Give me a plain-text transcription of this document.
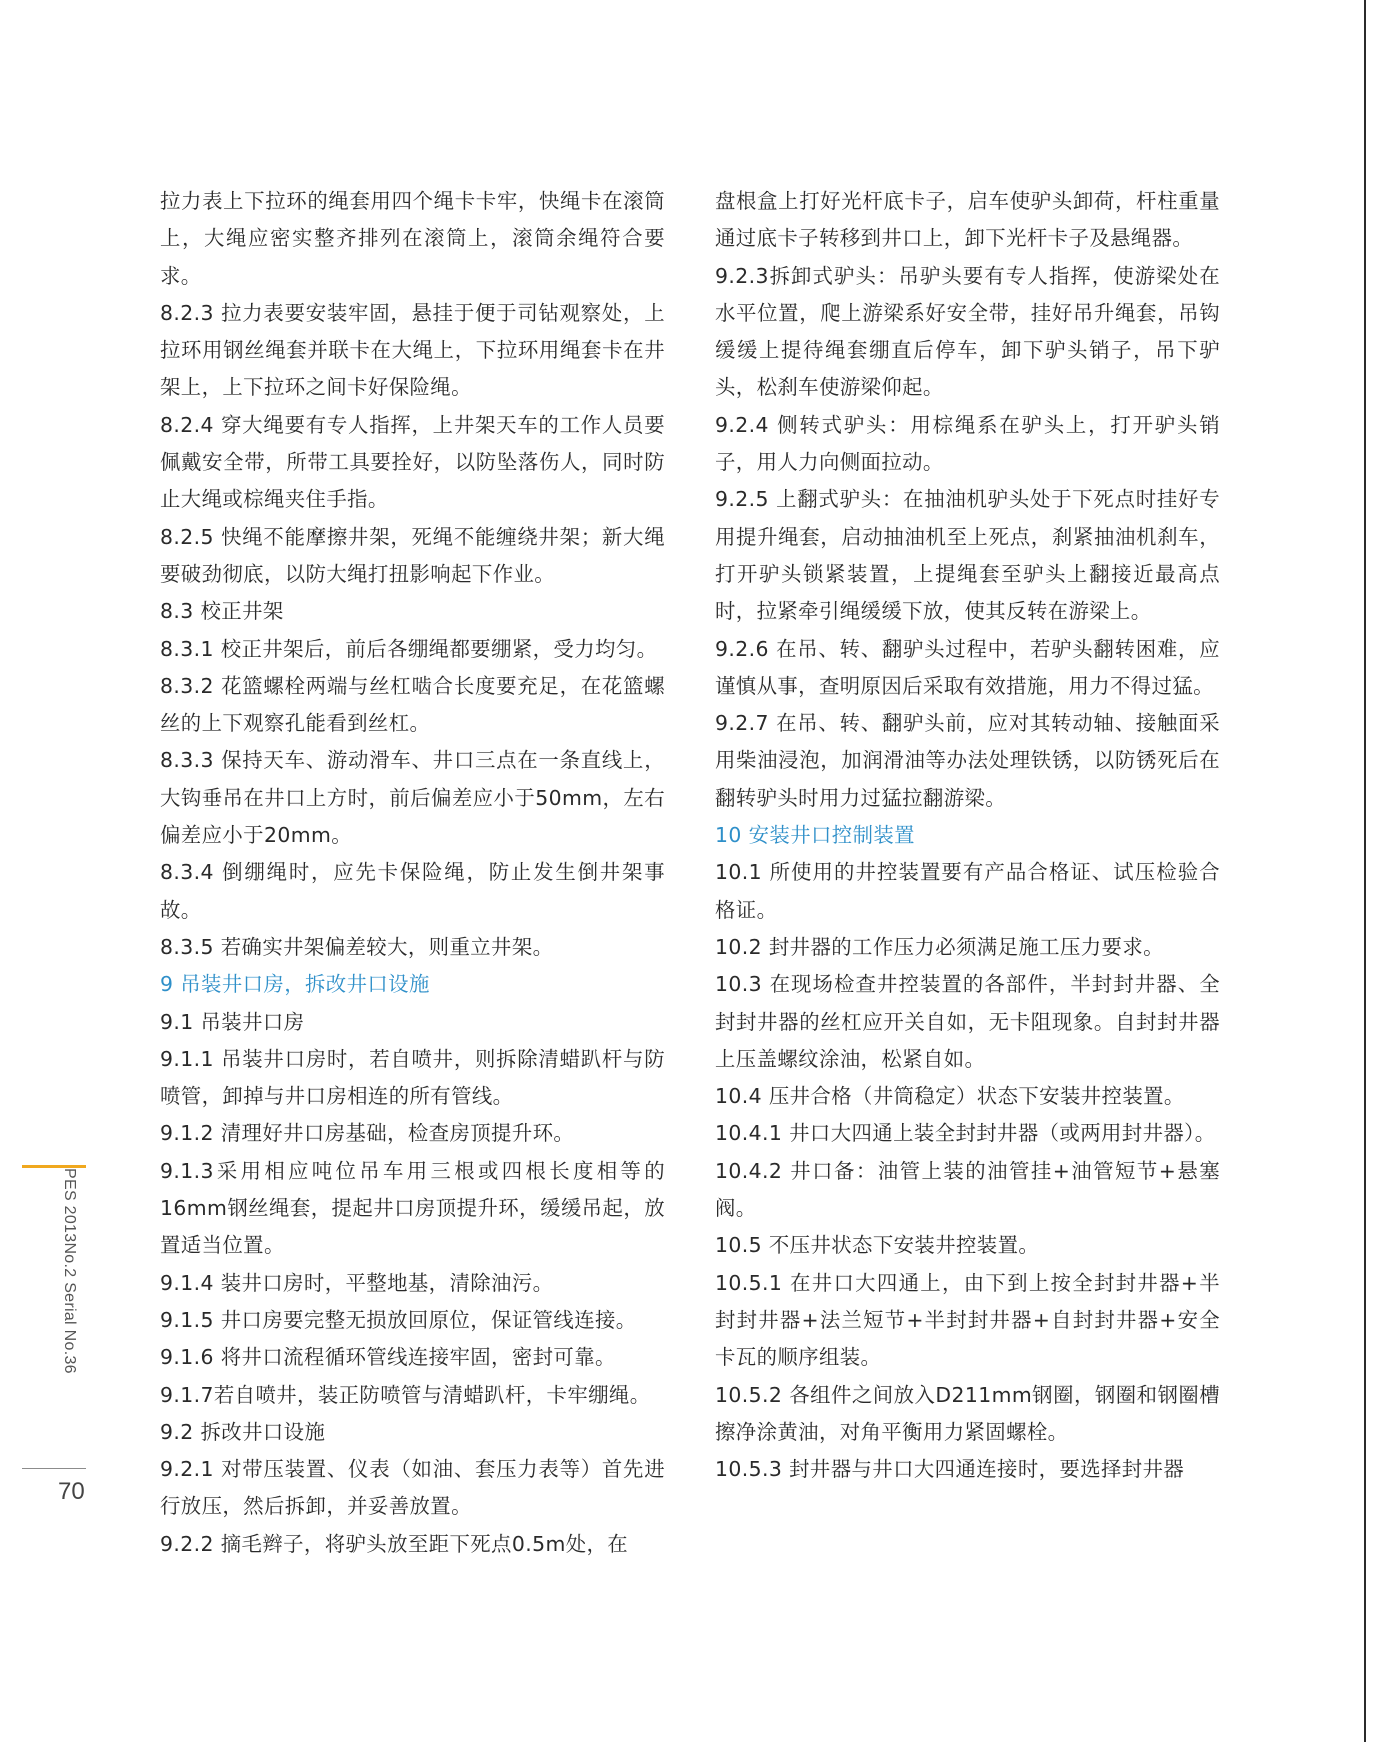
拉力表上下拉环的绳套用四个绳卡卡牢，快绳卡在滚筒上，大绳应密实整齐排列在滚筒上，滚筒余绳符合要求。

8.2.3 拉力表要安装牢固，悬挂于便于司钻观察处，上拉环用钢丝绳套并联卡在大绳上，下拉环用绳套卡在井架上，上下拉环之间卡好保险绳。

8.2.4 穿大绳要有专人指挥，上井架天车的工作人员要佩戴安全带，所带工具要拴好，以防坠落伤人，同时防止大绳或棕绳夹住手指。

8.2.5 快绳不能摩擦井架，死绳不能缠绕井架；新大绳要破劲彻底，以防大绳打扭影响起下作业。

8.3 校正井架

8.3.1 校正井架后，前后各绷绳都要绷紧，受力均匀。

8.3.2 花篮螺栓两端与丝杠啮合长度要充足，在花篮螺丝的上下观察孔能看到丝杠。

8.3.3 保持天车、游动滑车、井口三点在一条直线上，大钩垂吊在井口上方时，前后偏差应小于50mm，左右偏差应小于20mm。

8.3.4 倒绷绳时，应先卡保险绳，防止发生倒井架事故。

8.3.5 若确实井架偏差较大，则重立井架。

9 吊装井口房，拆改井口设施

9.1 吊装井口房

9.1.1 吊装井口房时，若自喷井，则拆除清蜡趴杆与防喷管，卸掉与井口房相连的所有管线。

9.1.2 清理好井口房基础，检查房顶提升环。

9.1.3采用相应吨位吊车用三根或四根长度相等的16mm钢丝绳套，提起井口房顶提升环，缓缓吊起，放置适当位置。

9.1.4 装井口房时，平整地基，清除油污。

9.1.5 井口房要完整无损放回原位，保证管线连接。

9.1.6 将井口流程循环管线连接牢固，密封可靠。

9.1.7若自喷井，装正防喷管与清蜡趴杆，卡牢绷绳。

9.2 拆改井口设施

9.2.1 对带压装置、仪表（如油、套压力表等）首先进行放压，然后拆卸，并妥善放置。

9.2.2 摘毛辫子，将驴头放至距下死点0.5m处，在

盘根盒上打好光杆底卡子，启车使驴头卸荷，杆柱重量通过底卡子转移到井口上，卸下光杆卡子及悬绳器。

9.2.3拆卸式驴头：吊驴头要有专人指挥，使游梁处在水平位置，爬上游梁系好安全带，挂好吊升绳套，吊钩缓缓上提待绳套绷直后停车，卸下驴头销子，吊下驴头，松刹车使游梁仰起。

9.2.4 侧转式驴头：用棕绳系在驴头上，打开驴头销子，用人力向侧面拉动。

9.2.5 上翻式驴头：在抽油机驴头处于下死点时挂好专用提升绳套，启动抽油机至上死点，刹紧抽油机刹车，打开驴头锁紧装置，上提绳套至驴头上翻接近最高点时，拉紧牵引绳缓缓下放，使其反转在游梁上。

9.2.6 在吊、转、翻驴头过程中，若驴头翻转困难，应谨慎从事，查明原因后采取有效措施，用力不得过猛。

9.2.7 在吊、转、翻驴头前，应对其转动轴、接触面采用柴油浸泡，加润滑油等办法处理铁锈，以防锈死后在翻转驴头时用力过猛拉翻游梁。

10 安装井口控制装置

10.1 所使用的井控装置要有产品合格证、试压检验合格证。

10.2 封井器的工作压力必须满足施工压力要求。

10.3 在现场检查井控装置的各部件，半封封井器、全封封井器的丝杠应开关自如，无卡阻现象。自封封井器上压盖螺纹涂油，松紧自如。

10.4 压井合格（井筒稳定）状态下安装井控装置。

10.4.1 井口大四通上装全封封井器（或两用封井器）。

10.4.2 井口备：油管上装的油管挂+油管短节+悬塞阀。

10.5 不压井状态下安装井控装置。

10.5.1 在井口大四通上，由下到上按全封封井器+半封封井器+法兰短节+半封封井器+自封封井器+安全卡瓦的顺序组装。

10.5.2 各组件之间放入D211mm钢圈，钢圈和钢圈槽擦净涂黄油，对角平衡用力紧固螺栓。

10.5.3 封井器与井口大四通连接时，要选择封井器

PES 2013No.2 Serial No.36
70
